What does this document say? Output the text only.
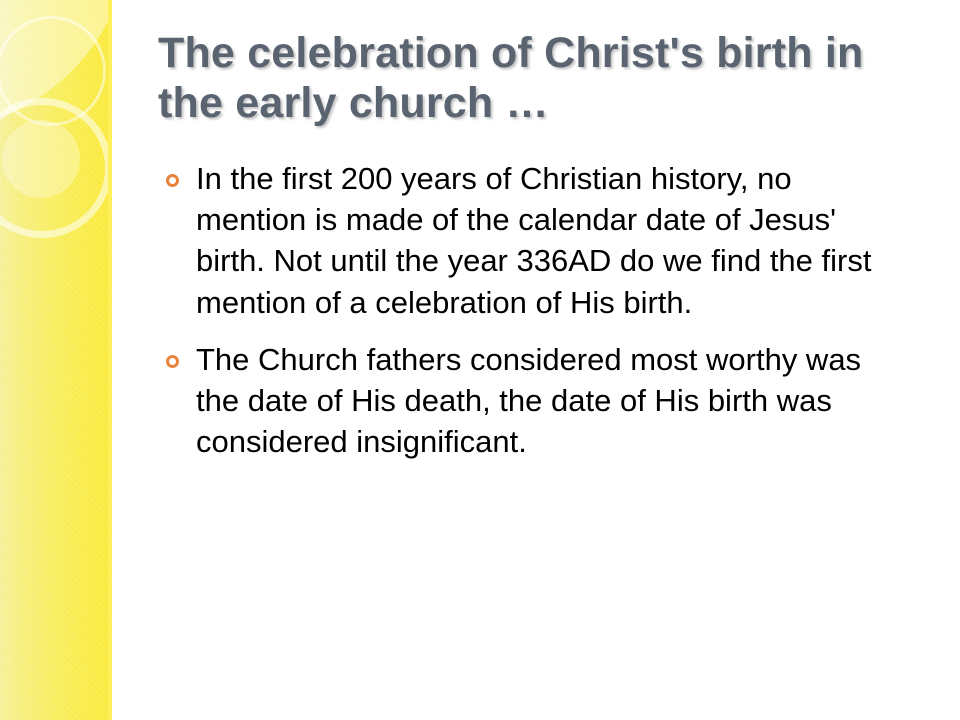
The celebration of Christ's birth in the early church …
In the first 200 years of Christian history, no mention is made of the calendar date of Jesus' birth. Not until the year 336AD do we find the first mention of a celebration of His birth.
The Church fathers considered most worthy was the date of His death, the date of His birth was considered insignificant.
